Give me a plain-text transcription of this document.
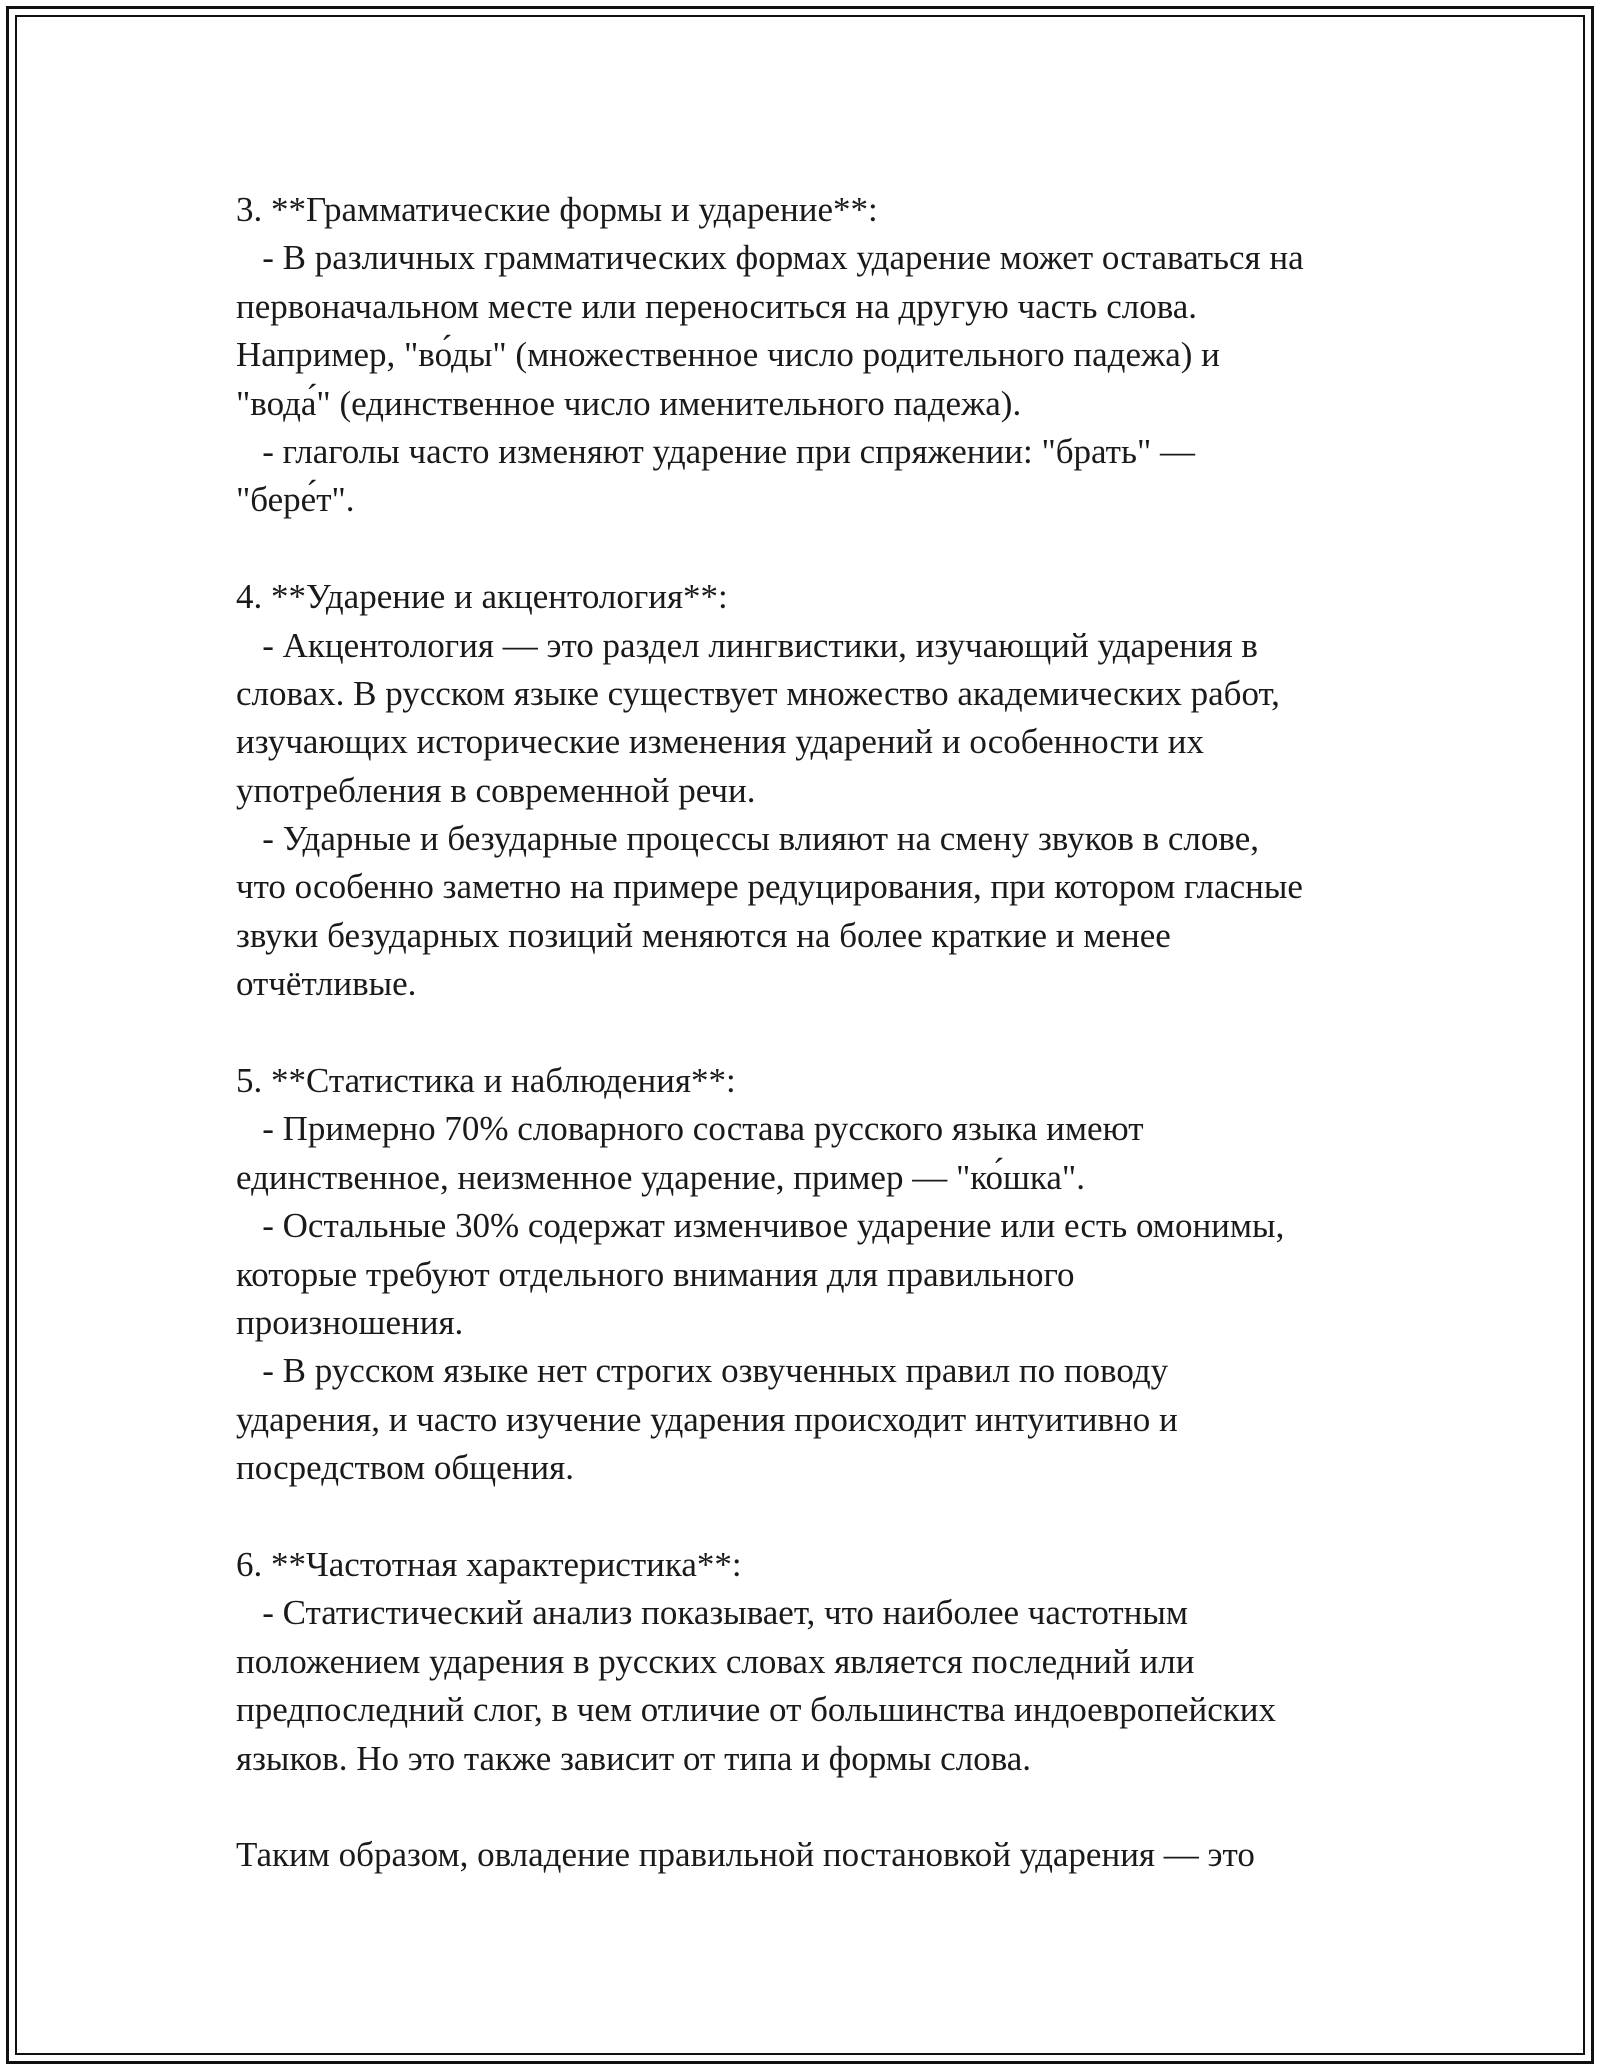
3. **Грамматические формы и ударение**:
- В различных грамматических формах ударение может оставаться на
первоначальном месте или переноситься на другую часть слова.
Например, "во́ды" (множественное число родительного падежа) и
"вода́" (единственное число именительного падежа).
- глаголы часто изменяют ударение при спряжении: "брать" —
"бере́т".
4. **Ударение и акцентология**:
- Акцентология — это раздел лингвистики, изучающий ударения в
словах. В русском языке существует множество академических работ,
изучающих исторические изменения ударений и особенности их
употребления в современной речи.
- Ударные и безударные процессы влияют на смену звуков в слове,
что особенно заметно на примере редуцирования, при котором гласные
звуки безударных позиций меняются на более краткие и менее
отчётливые.
5. **Статистика и наблюдения**:
- Примерно 70% словарного состава русского языка имеют
единственное, неизменное ударение, пример — "ко́шка".
- Остальные 30% содержат изменчивое ударение или есть омонимы,
которые требуют отдельного внимания для правильного
произношения.
- В русском языке нет строгих озвученных правил по поводу
ударения, и часто изучение ударения происходит интуитивно и
посредством общения.
6. **Частотная характеристика**:
- Статистический анализ показывает, что наиболее частотным
положением ударения в русских словах является последний или
предпоследний слог, в чем отличие от большинства индоевропейских
языков. Но это также зависит от типа и формы слова.
Таким образом, овладение правильной постановкой ударения — это
